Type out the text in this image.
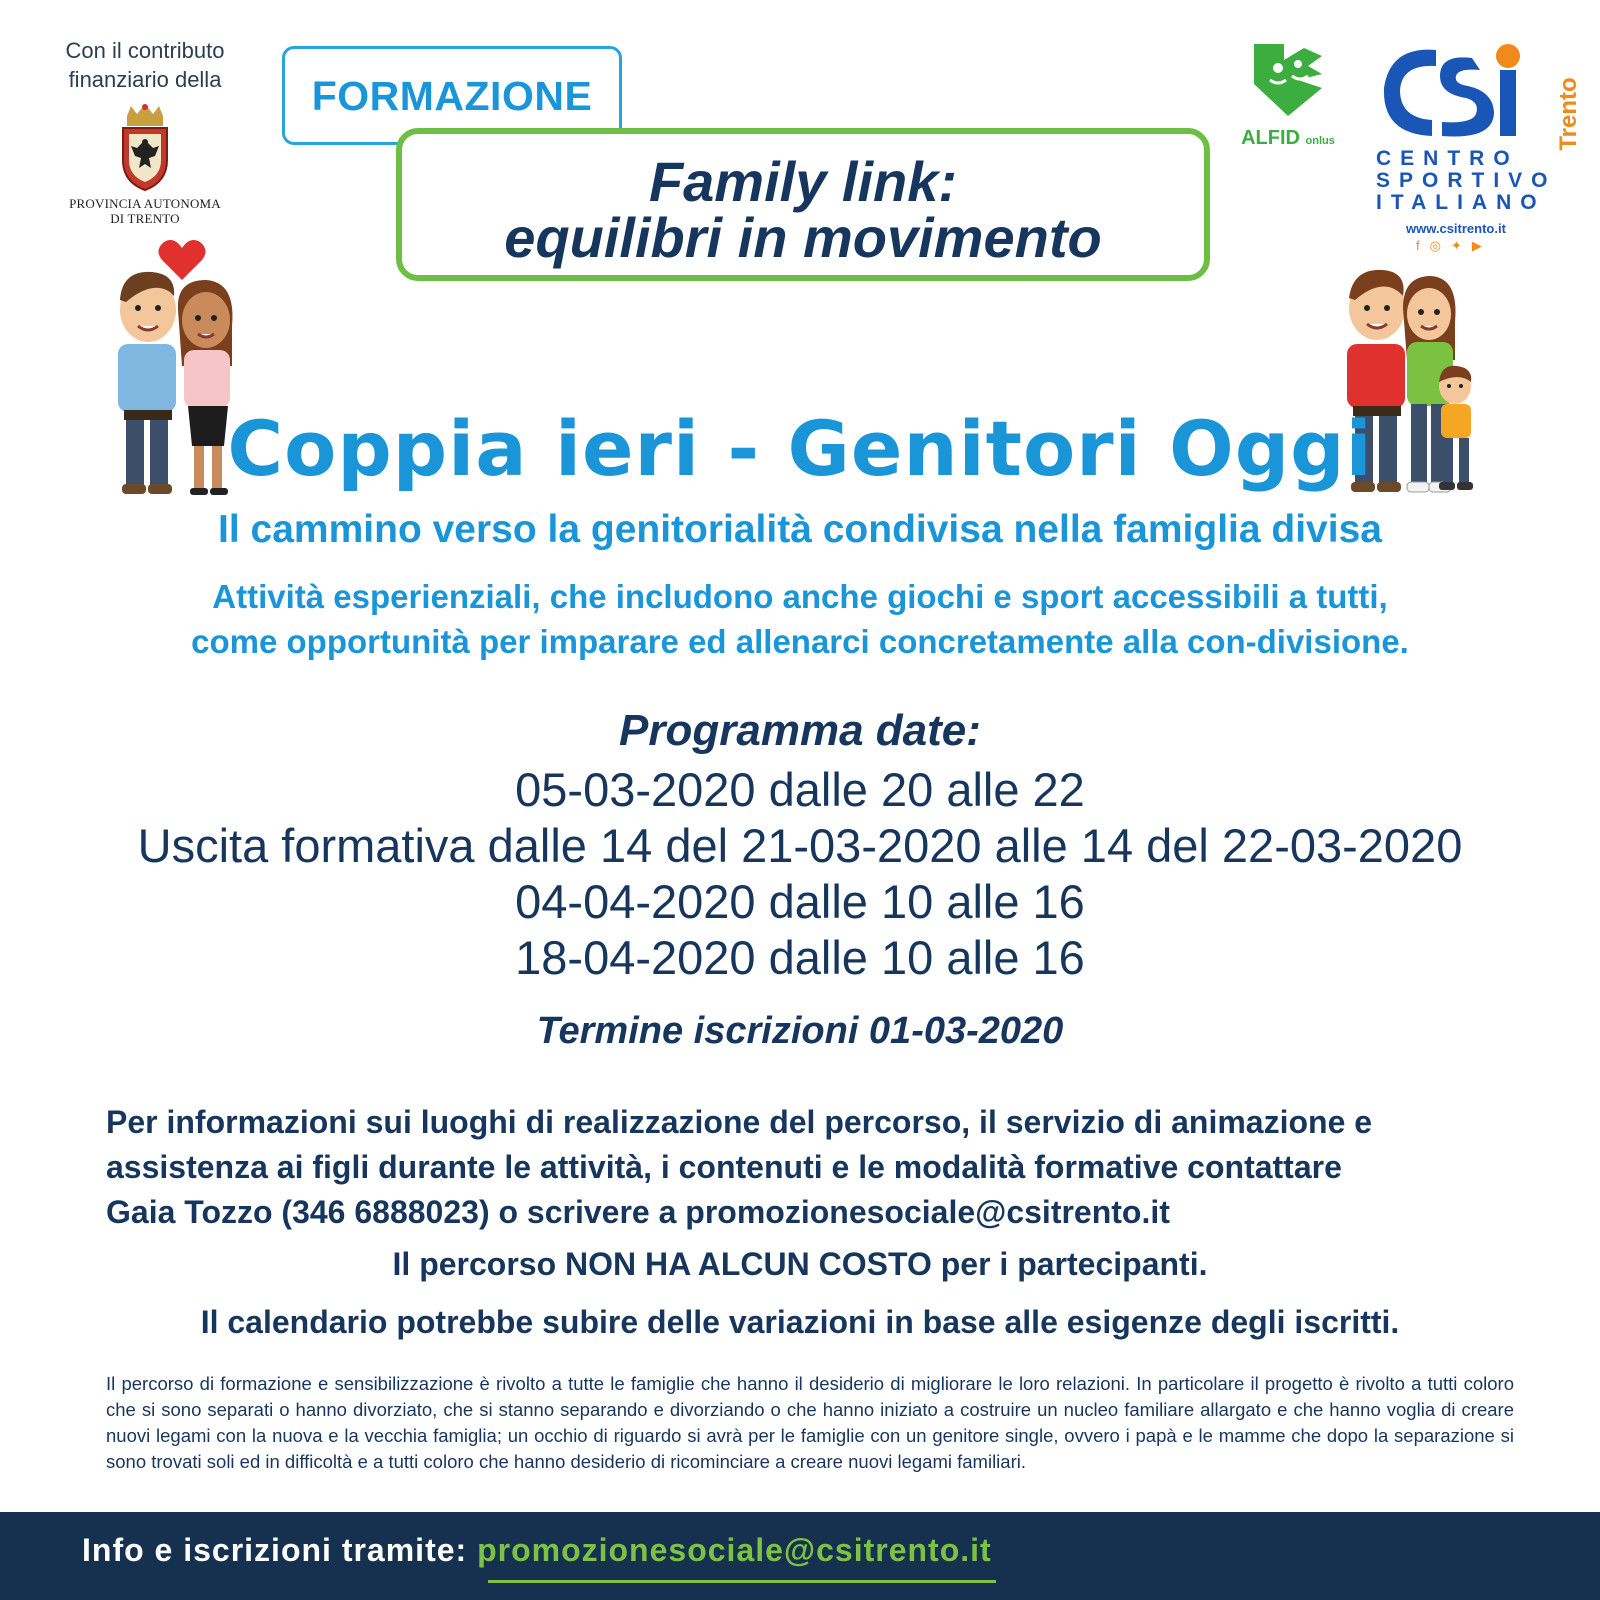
Con il contributo
finanziario della
PROVINCIA AUTONOMA
DI TRENTO
FORMAZIONE
Family link:
equilibri in movimento
ALFID onlus	Trento
CENTRO
SPORTIVO
ITALIANO
www.csitrento.it
f◎✦▶
Coppia ieri - Genitori Oggi
Il cammino verso la genitorialità condivisa nella famiglia divisa
Attività esperienziali, che includono anche giochi e sport accessibili a tutti,
come opportunità per imparare ed allenarci concretamente alla con-divisione.
Programma date:
05-03-2020 dalle 20 alle 22
Uscita formativa dalle 14 del 21-03-2020 alle 14 del 22-03-2020
04-04-2020 dalle 10 alle 16
18-04-2020 dalle 10 alle 16
Termine iscrizioni 01-03-2020
Per informazioni sui luoghi di realizzazione del percorso, il servizio di animazione e
assistenza ai figli durante le attività, i contenuti e le modalità formative contattare
Gaia Tozzo (346 6888023) o scrivere a promozionesociale@csitrento.it
Il percorso NON HA ALCUN COSTO per i partecipanti.
Il calendario potrebbe subire delle variazioni in base alle esigenze degli iscritti.
Il percorso di formazione e sensibilizzazione è rivolto a tutte le famiglie che hanno il desiderio di migliorare le loro relazioni. In particolare il progetto è rivolto a tutti coloro che si sono separati o hanno divorziato, che si stanno separando e divorziando o che hanno iniziato a costruire un nucleo familiare allargato e che hanno voglia di creare nuovi legami con la nuova e la vecchia famiglia; un occhio di riguardo si avrà per le famiglie con un genitore single, ovvero i papà e le mamme che dopo la separazione si sono trovati soli ed in difficoltà e a tutti coloro che hanno desiderio di ricominciare a creare nuovi legami familiari.
Info e iscrizioni tramite: promozionesociale@csitrento.it
